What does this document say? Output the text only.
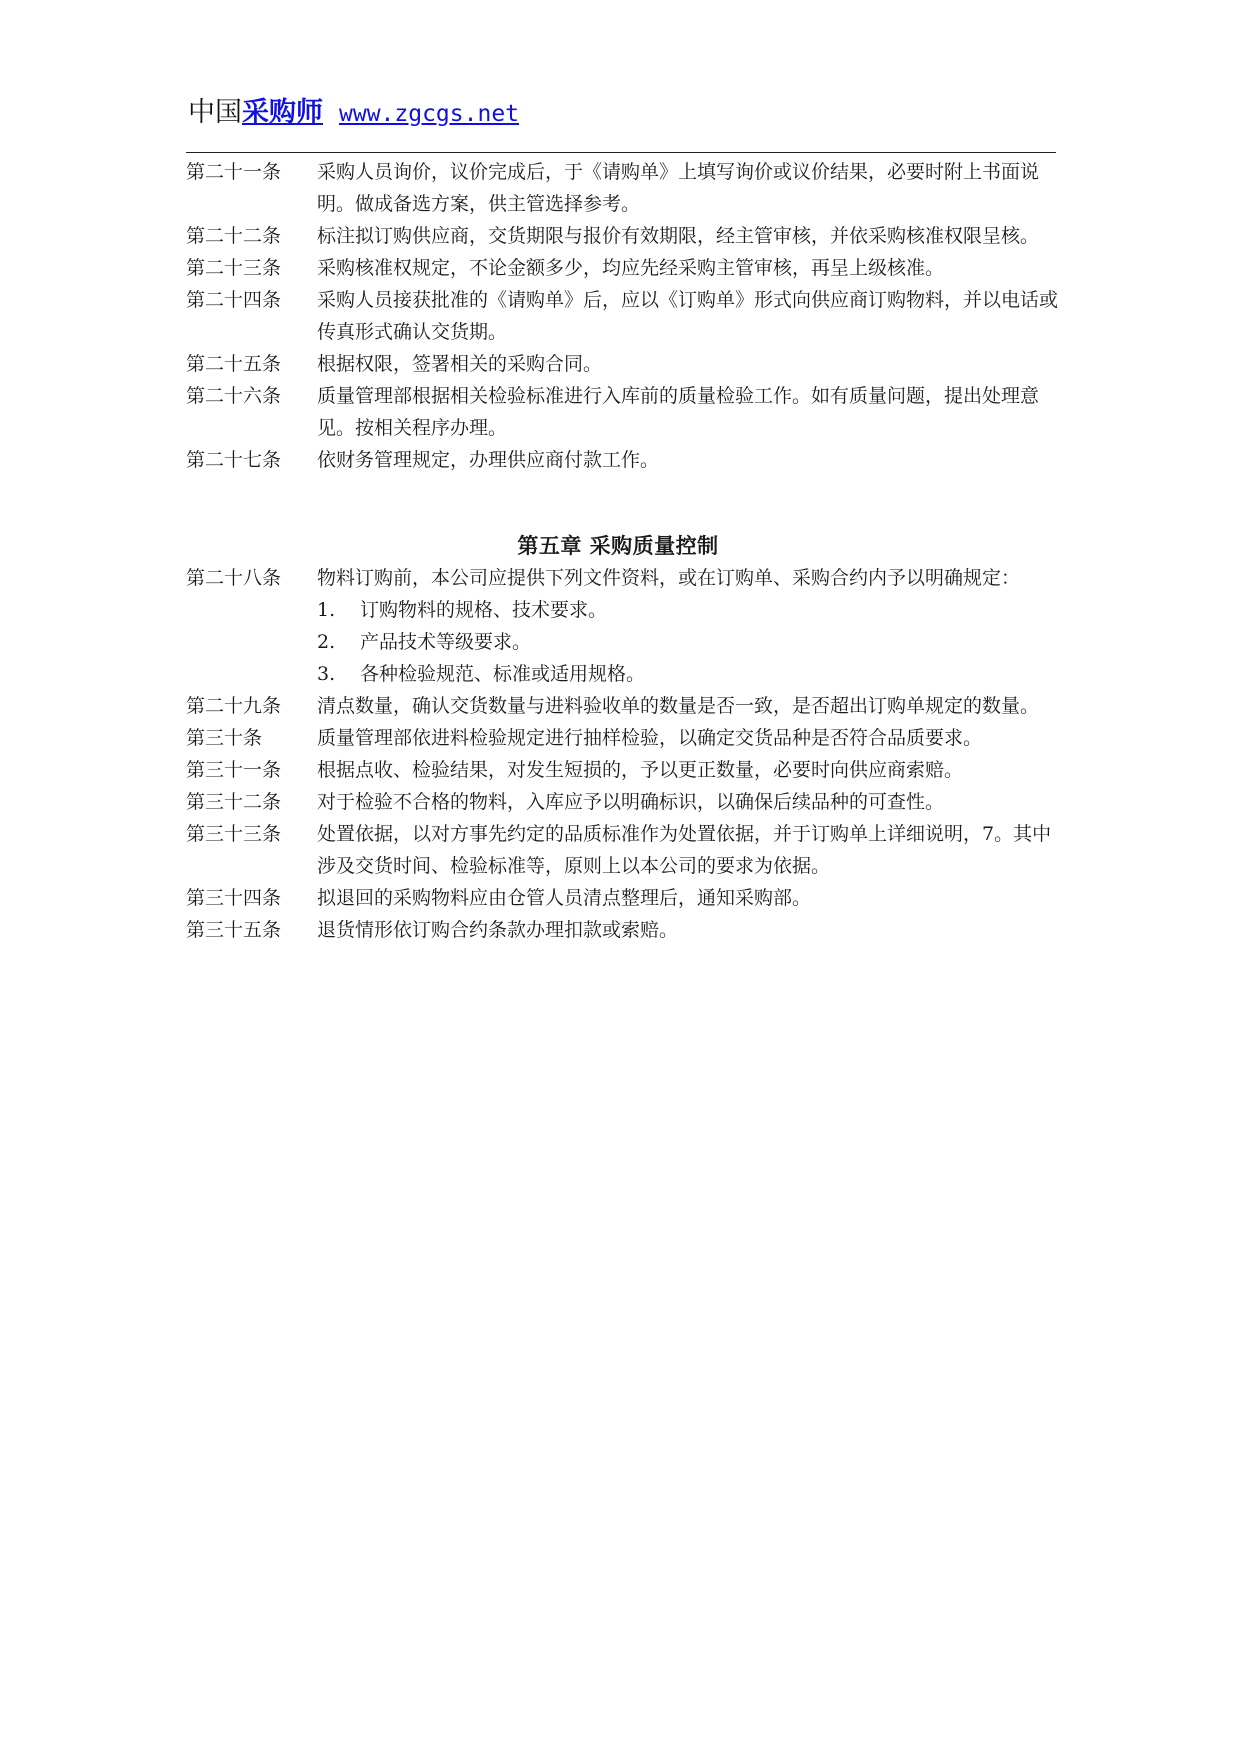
中国 采购师 www.zgcgs.net
第二十一条	采购人员询价，议价完成后，于《请购单》上填写询价或议价结果，必要时附上书面说明。做成备选方案，供主管选择参考。
第二十二条	标注拟订购供应商，交货期限与报价有效期限，经主管审核，并依采购核准权限呈核。
第二十三条	采购核准权规定，不论金额多少，均应先经采购主管审核，再呈上级核准。
第二十四条	采购人员接获批准的《请购单》后，应以《订购单》形式向供应商订购物料，并以电话或传真形式确认交货期。
第二十五条	根据权限，签署相关的采购合同。
第二十六条	质量管理部根据相关检验标准进行入库前的质量检验工作。如有质量问题，提出处理意见。按相关程序办理。
第二十七条	依财务管理规定，办理供应商付款工作。
第五章 采购质量控制
第二十八条	物料订购前，本公司应提供下列文件资料，或在订购单、采购合约内予以明确规定：
1.	订购物料的规格、技术要求。
2.	产品技术等级要求。
3.	各种检验规范、标准或适用规格。
第二十九条	清点数量，确认交货数量与进料验收单的数量是否一致，是否超出订购单规定的数量。
第三十条	质量管理部依进料检验规定进行抽样检验，以确定交货品种是否符合品质要求。
第三十一条	根据点收、检验结果，对发生短损的，予以更正数量，必要时向供应商索赔。
第三十二条	对于检验不合格的物料，入库应予以明确标识，以确保后续品种的可查性。
第三十三条	处置依据，以对方事先约定的品质标准作为处置依据，并于订购单上详细说明，7。其中涉及交货时间、检验标准等，原则上以本公司的要求为依据。
第三十四条	拟退回的采购物料应由仓管人员清点整理后，通知采购部。
第三十五条	退货情形依订购合约条款办理扣款或索赔。
